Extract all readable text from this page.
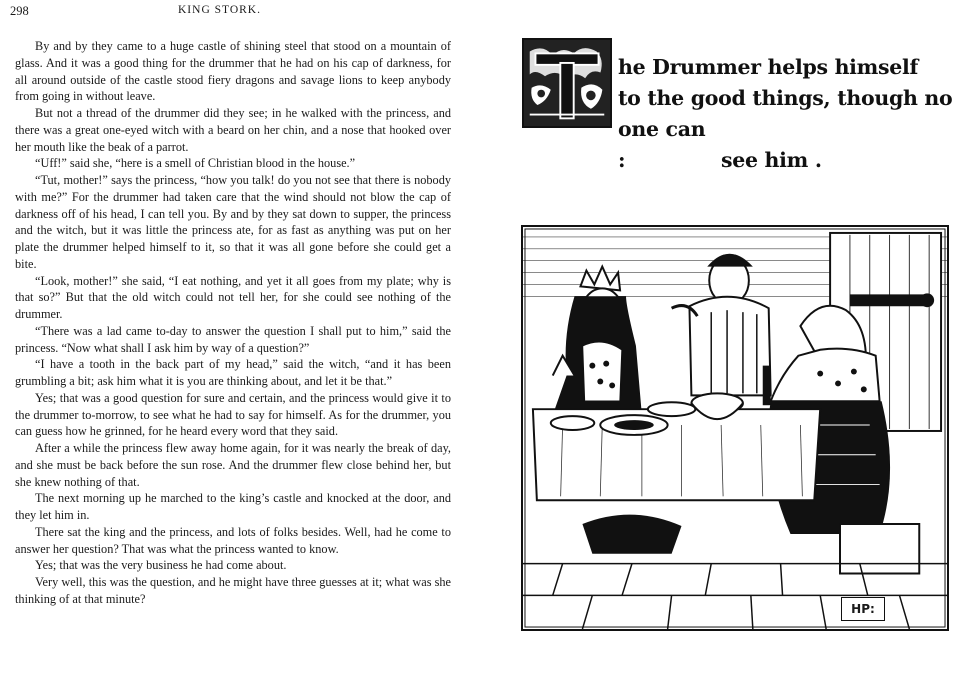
298	KING STORK.

By and by they came to a huge castle of shining steel that stood on a mountain of glass. And it was a good thing for the drummer that he had on his cap of darkness, for all around outside of the castle stood fiery dragons and savage lions to keep anybody from going in without leave.

But not a thread of the drummer did they see; in he walked with the princess, and there was a great one-eyed witch with a beard on her chin, and a nose that hooked over her mouth like the beak of a parrot.

“Uff!” said she, “here is a smell of Christian blood in the house.”

“Tut, mother!” says the princess, “how you talk! do you not see that there is nobody with me?” For the drummer had taken care that the wind should not blow the cap of darkness off of his head, I can tell you. By and by they sat down to supper, the princess and the witch, but it was little the princess ate, for as fast as anything was put on her plate the drummer helped himself to it, so that it was all gone before she could get a bite.

“Look, mother!” she said, “I eat nothing, and yet it all goes from my plate; why is that so?” But that the old witch could not tell her, for she could see nothing of the drummer.

“There was a lad came to-day to answer the question I shall put to him,” said the princess. “Now what shall I ask him by way of a question?”

“I have a tooth in the back part of my head,” said the witch, “and it has been grumbling a bit; ask him what it is you are thinking about, and let it be that.”

Yes; that was a good question for sure and certain, and the princess would give it to the drummer to-morrow, to see what he had to say for himself. As for the drummer, you can guess how he grinned, for he heard every word that they said.

After a while the princess flew away home again, for it was nearly the break of day, and she must be back before the sun rose. And the drummer flew close behind her, but she knew nothing of that.

The next morning up he marched to the king’s castle and knocked at the door, and they let him in.

There sat the king and the princess, and lots of folks besides. Well, had he come to answer her question? That was what the princess wanted to know.

Yes; that was the very business he had come about.

Very well, this was the question, and he might have three guesses at it; what was she thinking of at that minute?

he Drummer helps himself
to the good things, though no one can
:              see him .
HP:
